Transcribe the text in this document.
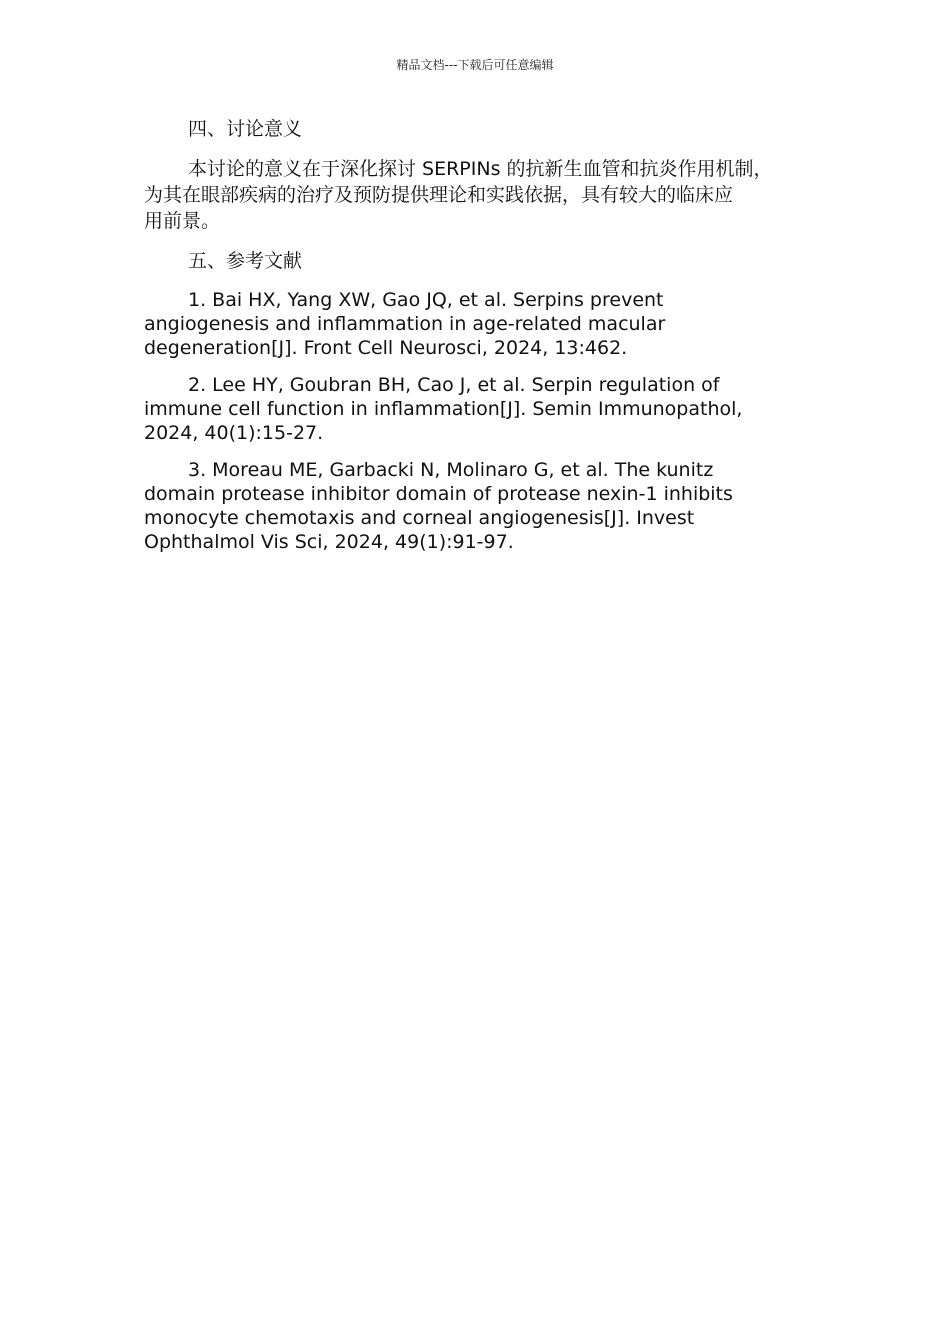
精品文档---下载后可任意编辑
四、讨论意义
本讨论的意义在于深化探讨 SERPINs 的抗新生血管和抗炎作用机制，
为其在眼部疾病的治疗及预防提供理论和实践依据，具有较大的临床应
用前景。
五、参考文献
1. Bai HX, Yang XW, Gao JQ, et al. Serpins prevent
angiogenesis and inflammation in age-related macular
degeneration[J]. Front Cell Neurosci, 2024, 13:462.
2. Lee HY, Goubran BH, Cao J, et al. Serpin regulation of
immune cell function in inflammation[J]. Semin Immunopathol,
2024, 40(1):15-27.
3. Moreau ME, Garbacki N, Molinaro G, et al. The kunitz
domain protease inhibitor domain of protease nexin-1 inhibits
monocyte chemotaxis and corneal angiogenesis[J]. Invest
Ophthalmol Vis Sci, 2024, 49(1):91-97.
